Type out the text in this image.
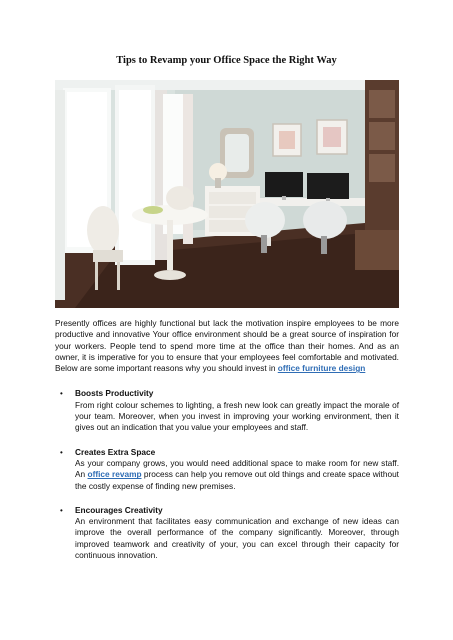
Tips to Revamp your Office Space the Right Way

Presently offices are highly functional but lack the motivation inspire employees to be more productive and innovative Your office environment should be a great source of inspiration for your workers. People tend to spend more time at the office than their homes. And as an owner, it is imperative for you to ensure that your employees feel comfortable and motivated. Below are some important reasons why you should invest in office furniture design

• Boosts Productivity
From right colour schemes to lighting, a fresh new look can greatly impact the morale of your team. Moreover, when you invest in improving your working environment, then it gives out an indication that you value your employees and staff.
• Creates Extra Space
As your company grows, you would need additional space to make room for new staff. An office revamp process can help you remove out old things and create space without the costly expense of finding new premises.
• Encourages Creativity
An environment that facilitates easy communication and exchange of new ideas can improve the overall performance of the company significantly. Moreover, through improved teamwork and creativity of your, you can excel through their capacity for continuous innovation.
